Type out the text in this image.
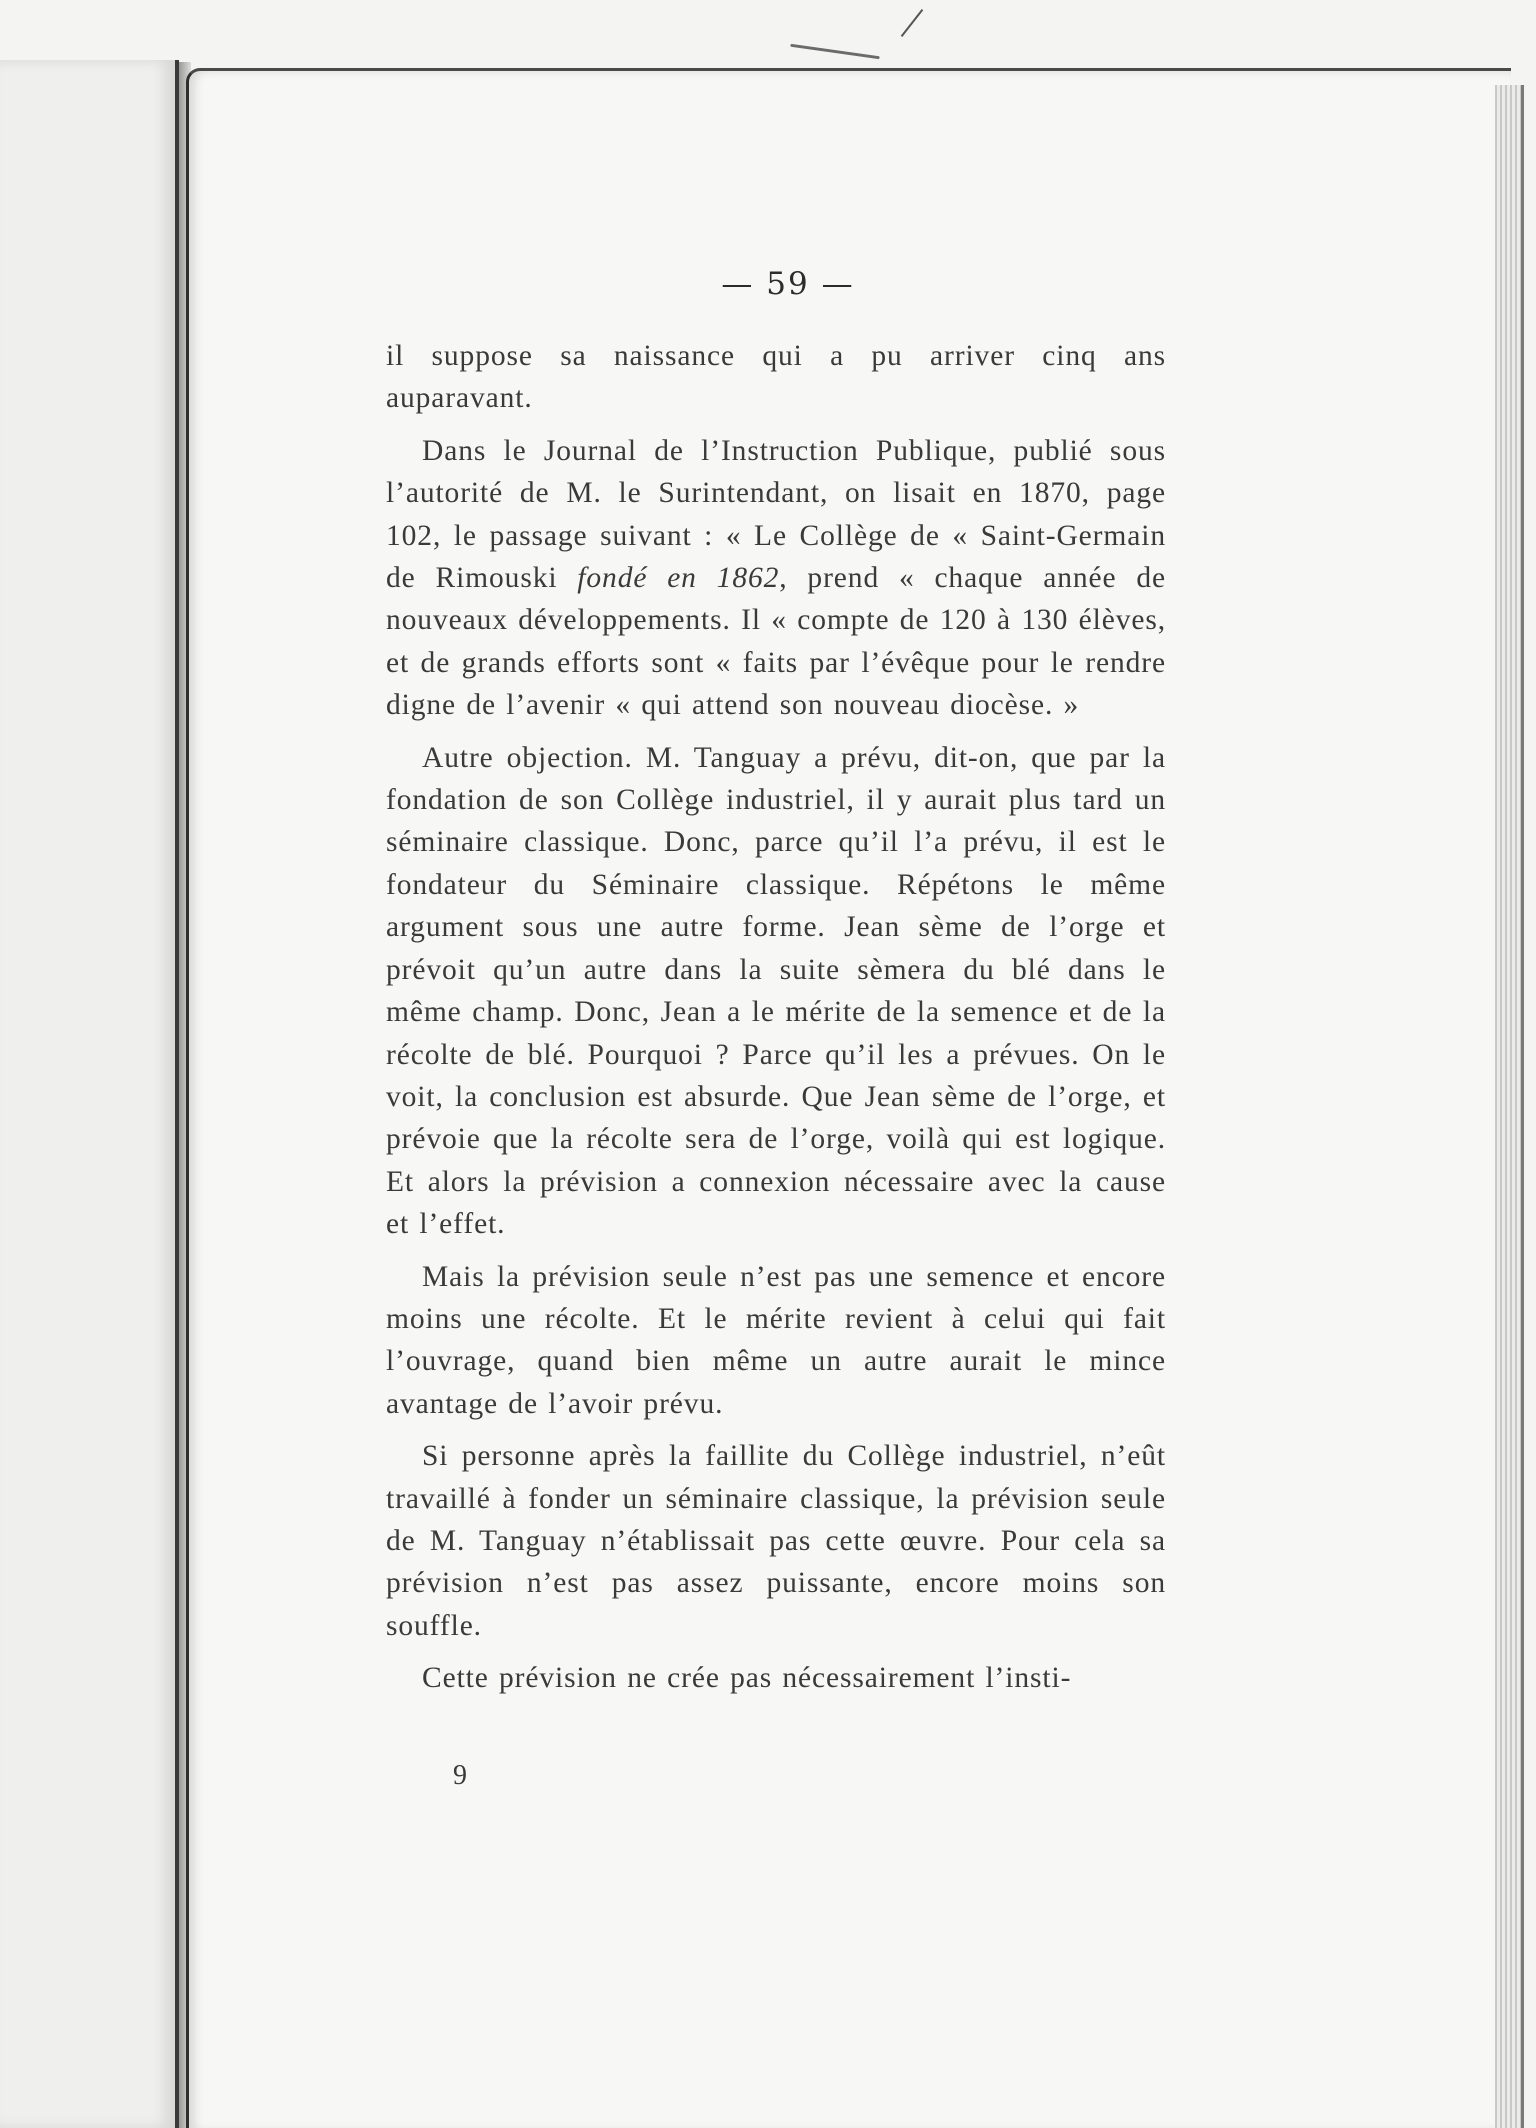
— 59 —

il suppose sa naissance qui a pu arriver cinq ans auparavant.

Dans le Journal de l’Instruction Publique, publié sous l’autorité de M. le Surintendant, on lisait en 1870, page 102, le passage suivant : « Le Collège de « Saint-Germain de Rimouski fondé en 1862, prend « chaque année de nouveaux développements. Il « compte de 120 à 130 élèves, et de grands efforts sont « faits par l’évêque pour le rendre digne de l’avenir « qui attend son nouveau diocèse. »

Autre objection. M. Tanguay a prévu, dit-on, que par la fondation de son Collège industriel, il y aurait plus tard un séminaire classique. Donc, parce qu’il l’a prévu, il est le fondateur du Séminaire classique. Répétons le même argument sous une autre forme. Jean sème de l’orge et prévoit qu’un autre dans la suite sèmera du blé dans le même champ. Donc, Jean a le mérite de la semence et de la récolte de blé. Pourquoi ? Parce qu’il les a prévues. On le voit, la conclusion est absurde. Que Jean sème de l’orge, et prévoie que la récolte sera de l’orge, voilà qui est logique. Et alors la prévision a connexion nécessaire avec la cause et l’effet.

Mais la prévision seule n’est pas une semence et encore moins une récolte. Et le mérite revient à celui qui fait l’ouvrage, quand bien même un autre aurait le mince avantage de l’avoir prévu.

Si personne après la faillite du Collège industriel, n’eût travaillé à fonder un séminaire classique, la prévision seule de M. Tanguay n’établissait pas cette œuvre. Pour cela sa prévision n’est pas assez puissante, encore moins son souffle.

Cette prévision ne crée pas nécessairement l’insti-

9
